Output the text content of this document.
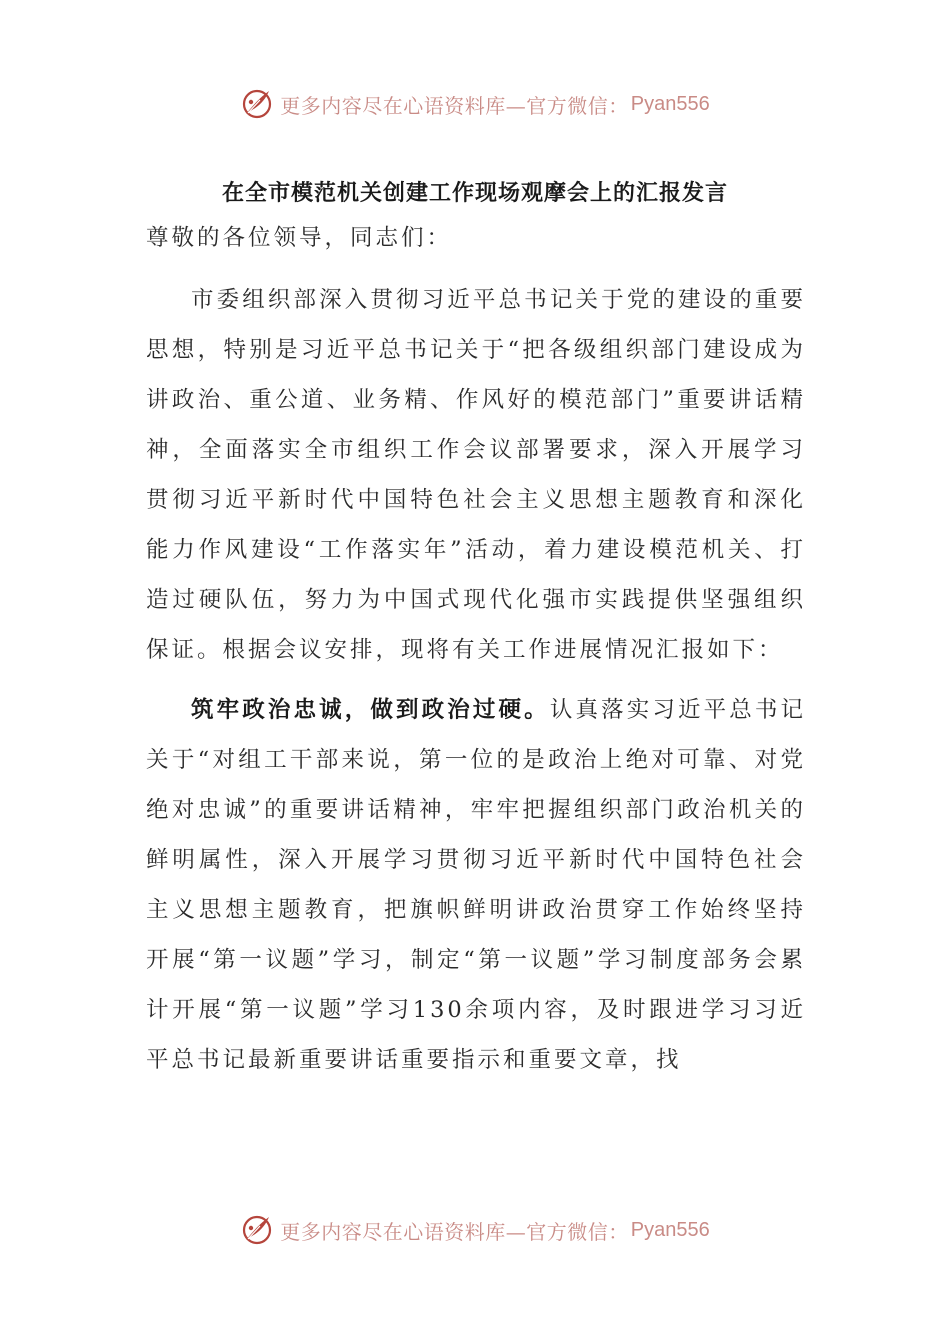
更多内容尽在心语资料库—官方微信： Pyan556
在全市模范机关创建工作现场观摩会上的汇报发言

尊敬的各位领导，同志们：

市委组织部深入贯彻习近平总书记关于党的建设的重要思想，特别是习近平总书记关于“把各级组织部门建设成为讲政治、重公道、业务精、作风好的模范部门”重要讲话精神，全面落实全市组织工作会议部署要求，深入开展学习贯彻习近平新时代中国特色社会主义思想主题教育和深化能力作风建设“工作落实年”活动，着力建设模范机关、打造过硬队伍，努力为中国式现代化强市实践提供坚强组织保证。根据会议安排，现将有关工作进展情况汇报如下：

筑牢政治忠诚，做到政治过硬。认真落实习近平总书记关于“对组工干部来说，第一位的是政治上绝对可靠、对党绝对忠诚”的重要讲话精神，牢牢把握组织部门政治机关的鲜明属性，深入开展学习贯彻习近平新时代中国特色社会主义思想主题教育，把旗帜鲜明讲政治贯穿工作始终坚持开展“第一议题”学习，制定“第一议题”学习制度部务会累计开展“第一议题”学习130余项内容，及时跟进学习习近平总书记最新重要讲话重要指示和重要文章，找

更多内容尽在心语资料库—官方微信： Pyan556
